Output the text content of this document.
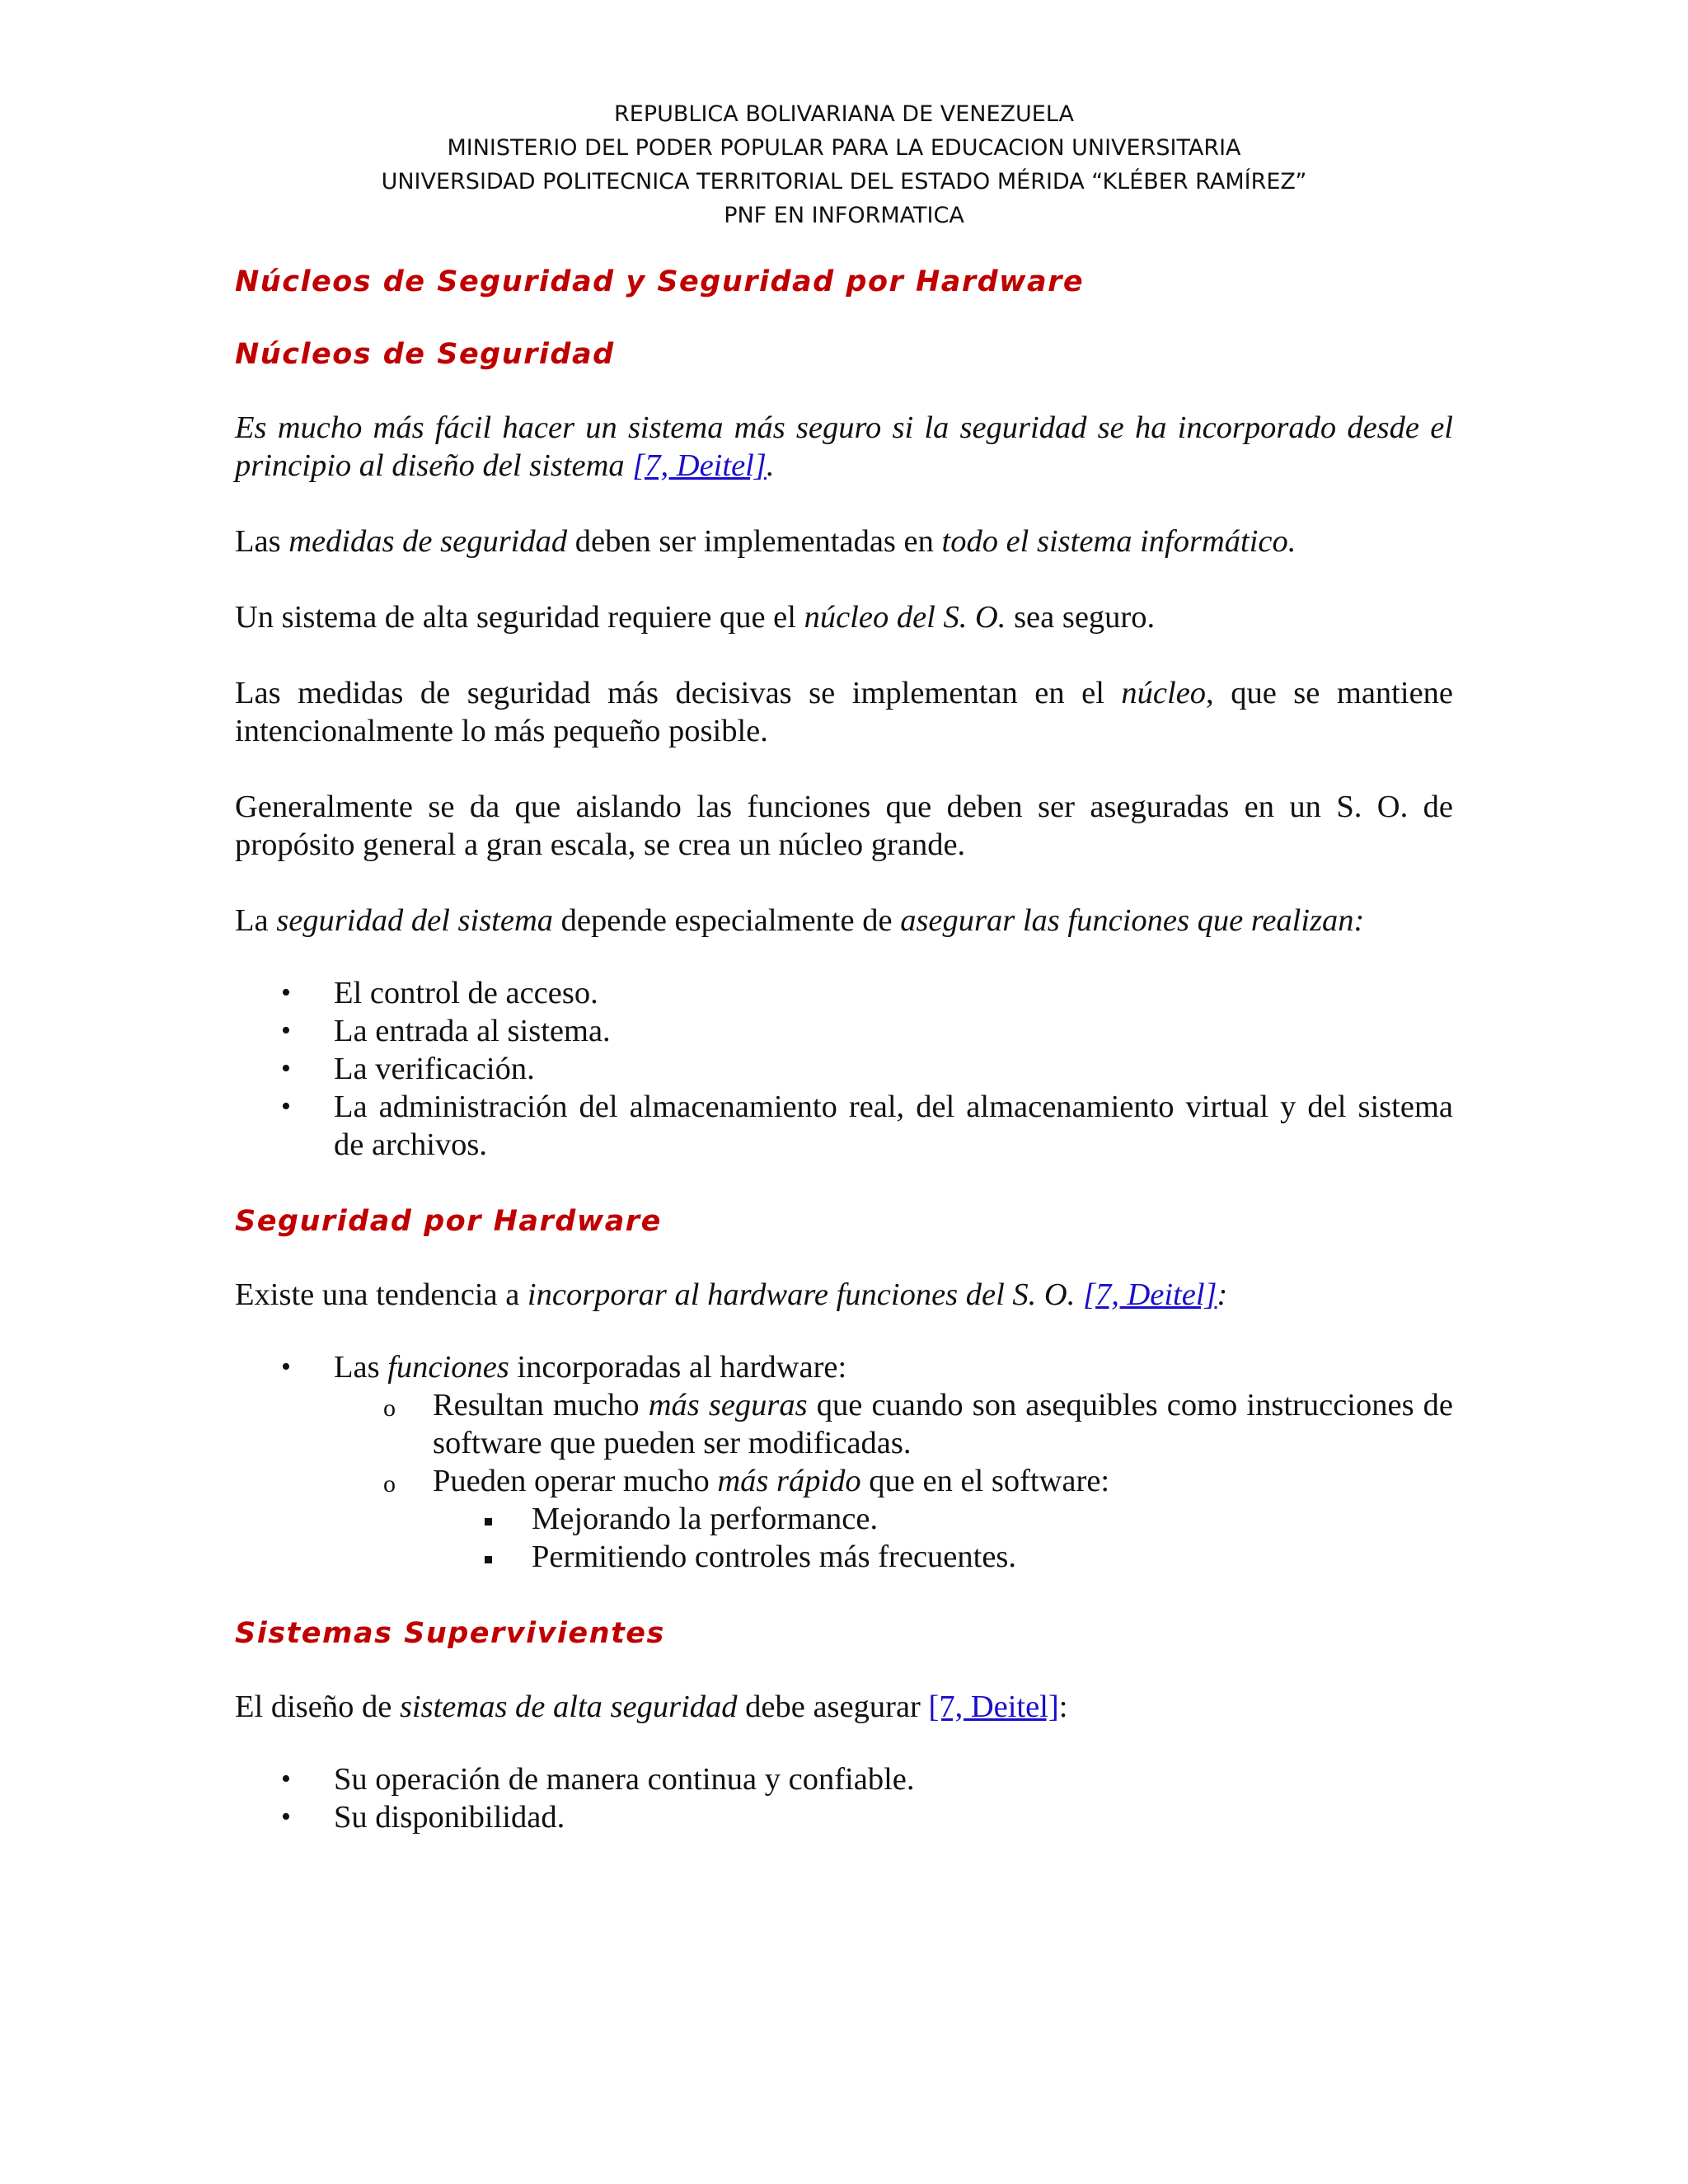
REPUBLICA BOLIVARIANA DE VENEZUELA
MINISTERIO DEL PODER POPULAR PARA LA EDUCACION UNIVERSITARIA
UNIVERSIDAD POLITECNICA TERRITORIAL DEL ESTADO MÉRIDA “KLÉBER RAMÍREZ”
PNF EN INFORMATICA
Núcleos de Seguridad y Seguridad por Hardware
Núcleos de Seguridad

Es mucho más fácil hacer un sistema más seguro si la seguridad se ha incorporado desde el principio al diseño del sistema [7, Deitel].

Las medidas de seguridad deben ser implementadas en todo el sistema informático.

Un sistema de alta seguridad requiere que el núcleo del S. O. sea seguro.

Las medidas de seguridad más decisivas se implementan en el núcleo, que se mantiene intencionalmente lo más pequeño posible.

Generalmente se da que aislando las funciones que deben ser aseguradas en un S. O. de propósito general a gran escala, se crea un núcleo grande.

La seguridad del sistema depende especialmente de asegurar las funciones que realizan:

• El control de acceso.
• La entrada al sistema.
• La verificación.
• La administración del almacenamiento real, del almacenamiento virtual y del sistema de archivos.
Seguridad por Hardware

Existe una tendencia a incorporar al hardware funciones del S. O. [7, Deitel]:

• Las funciones incorporadas al hardware:
o Resultan mucho más seguras que cuando son asequibles como instrucciones de software que pueden ser modificadas.
o Pueden operar mucho más rápido que en el software:
Mejorando la performance.
Permitiendo controles más frecuentes.
Sistemas Supervivientes

El diseño de sistemas de alta seguridad debe asegurar [7, Deitel]:

• Su operación de manera continua y confiable.
• Su disponibilidad.
